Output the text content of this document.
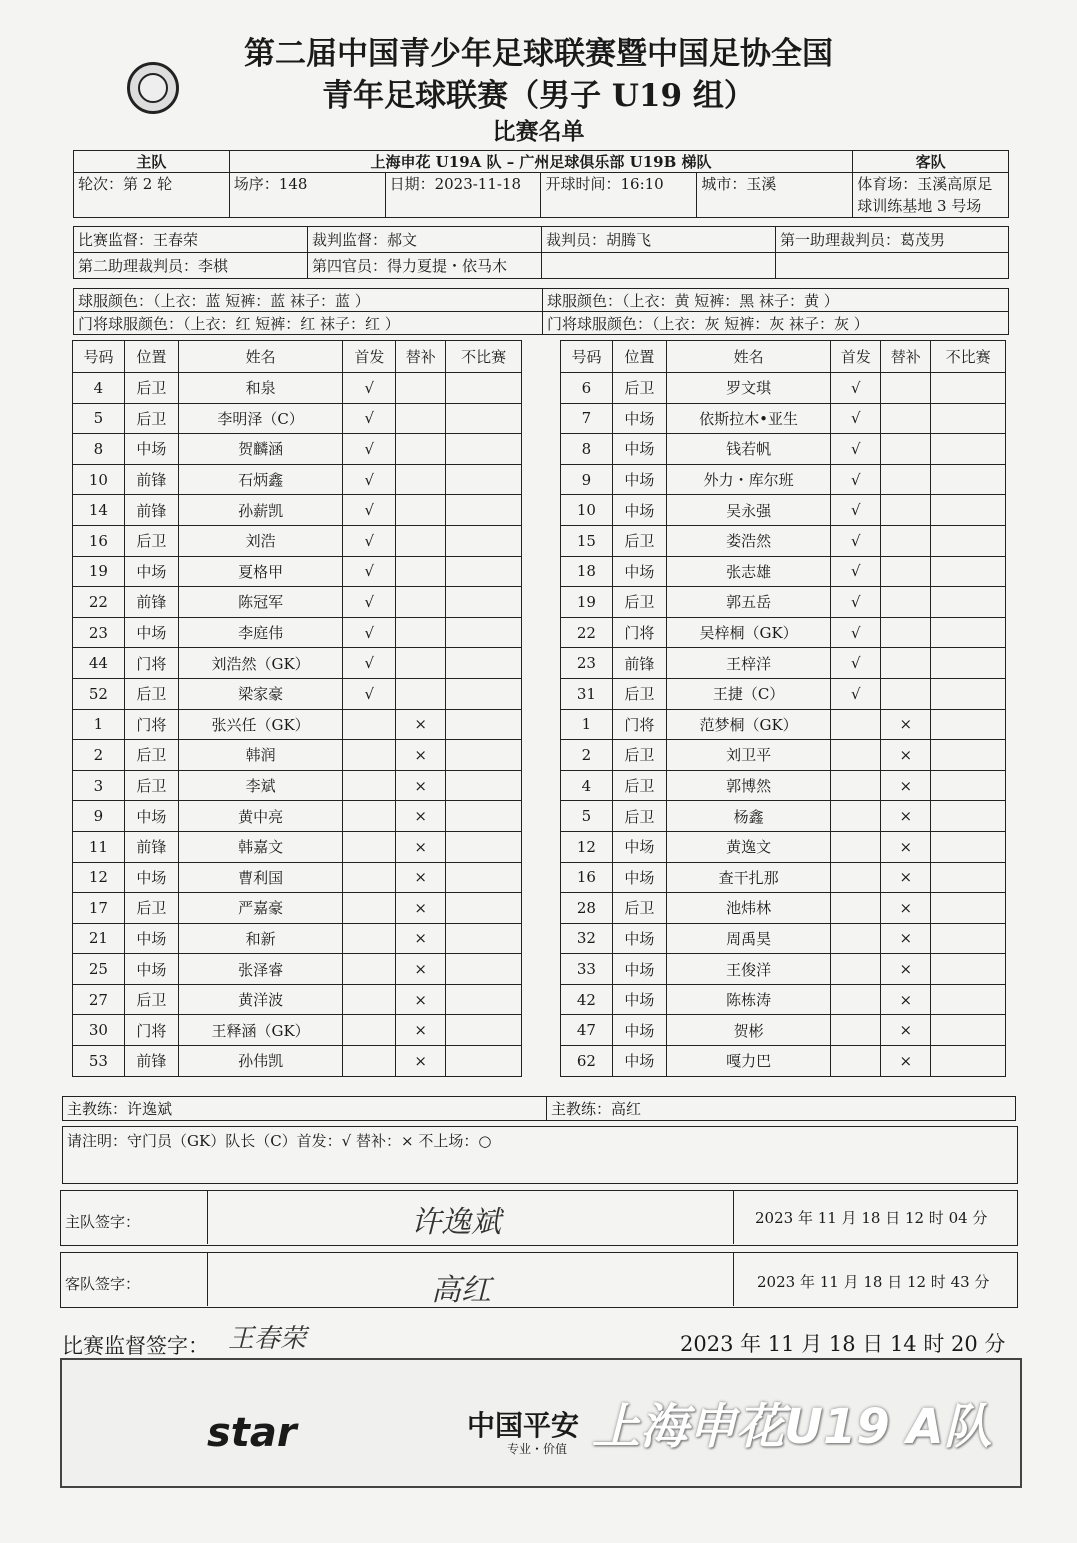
第二届中国青少年足球联赛暨中国足协全国
青年足球联赛（男子 U19 组）
比赛名单
主队	上海申花 U19A 队 – 广州足球俱乐部 U19B 梯队				客队
轮次：第 2 轮	场序：148	日期：2023-11-18	开球时间：16:10	城市：玉溪	体育场：玉溪高原足球训练基地 3 号场
比赛监督：王春荣	裁判监督：郝文	裁判员：胡腾飞	第一助理裁判员：葛茂男
第二助理裁判员：李棋	第四官员：得力夏提・依马木		
球服颜色：（上衣：蓝 短裤：蓝 袜子：蓝 ）	球服颜色：（上衣：黄 短裤：黑 袜子：黄 ）
门将球服颜色：（上衣：红 短裤：红 袜子：红 ）	门将球服颜色：（上衣：灰 短裤：灰 袜子：灰 ）
号码	位置	姓名	首发	替补	不比赛
4	后卫	和泉	√		
5	后卫	李明泽（C）	√		
8	中场	贺麟涵	√		
10	前锋	石炳鑫	√		
14	前锋	孙薪凯	√		
16	后卫	刘浩	√		
19	中场	夏格甲	√		
22	前锋	陈冠军	√		
23	中场	李庭伟	√		
44	门将	刘浩然（GK）	√		
52	后卫	梁家豪	√		
1	门将	张兴任（GK）		×	
2	后卫	韩润		×	
3	后卫	李斌		×	
9	中场	黄中亮		×	
11	前锋	韩嘉文		×	
12	中场	曹利国		×	
17	后卫	严嘉豪		×	
21	中场	和新		×	
25	中场	张泽睿		×	
27	后卫	黄洋波		×	
30	门将	王释涵（GK）		×	
53	前锋	孙伟凯		×	
号码	位置	姓名	首发	替补	不比赛
6	后卫	罗文琪	√		
7	中场	依斯拉木•亚生	√		
8	中场	钱若帆	√		
9	中场	外力・库尔班	√		
10	中场	吴永强	√		
15	后卫	娄浩然	√		
18	中场	张志雄	√		
19	后卫	郭五岳	√		
22	门将	吴梓桐（GK）	√		
23	前锋	王梓洋	√		
31	后卫	王捷（C）	√		
1	门将	范梦桐（GK）		×	
2	后卫	刘卫平		×	
4	后卫	郭博然		×	
5	后卫	杨鑫		×	
12	中场	黄逸文		×	
16	中场	查干扎那		×	
28	后卫	池炜林		×	
32	中场	周禹昊		×	
33	中场	王俊洋		×	
42	中场	陈栋涛		×	
47	中场	贺彬		×	
62	中场	嘎力巴		×	
主教练：许逸斌	主教练：高红
请注明：守门员（GK）队长（C）首发：√ 替补：× 不上场：○
主队签字：	许逸斌	2023 年 11 月 18 日 12 时 04 分
客队签字：	高红	2023 年 11 月 18 日 12 时 43 分
比赛监督签字： 王春荣	2023 年 11 月 18 日 14 时 20 分
star	中国平安
专业・价值 上海申花U19 A队
